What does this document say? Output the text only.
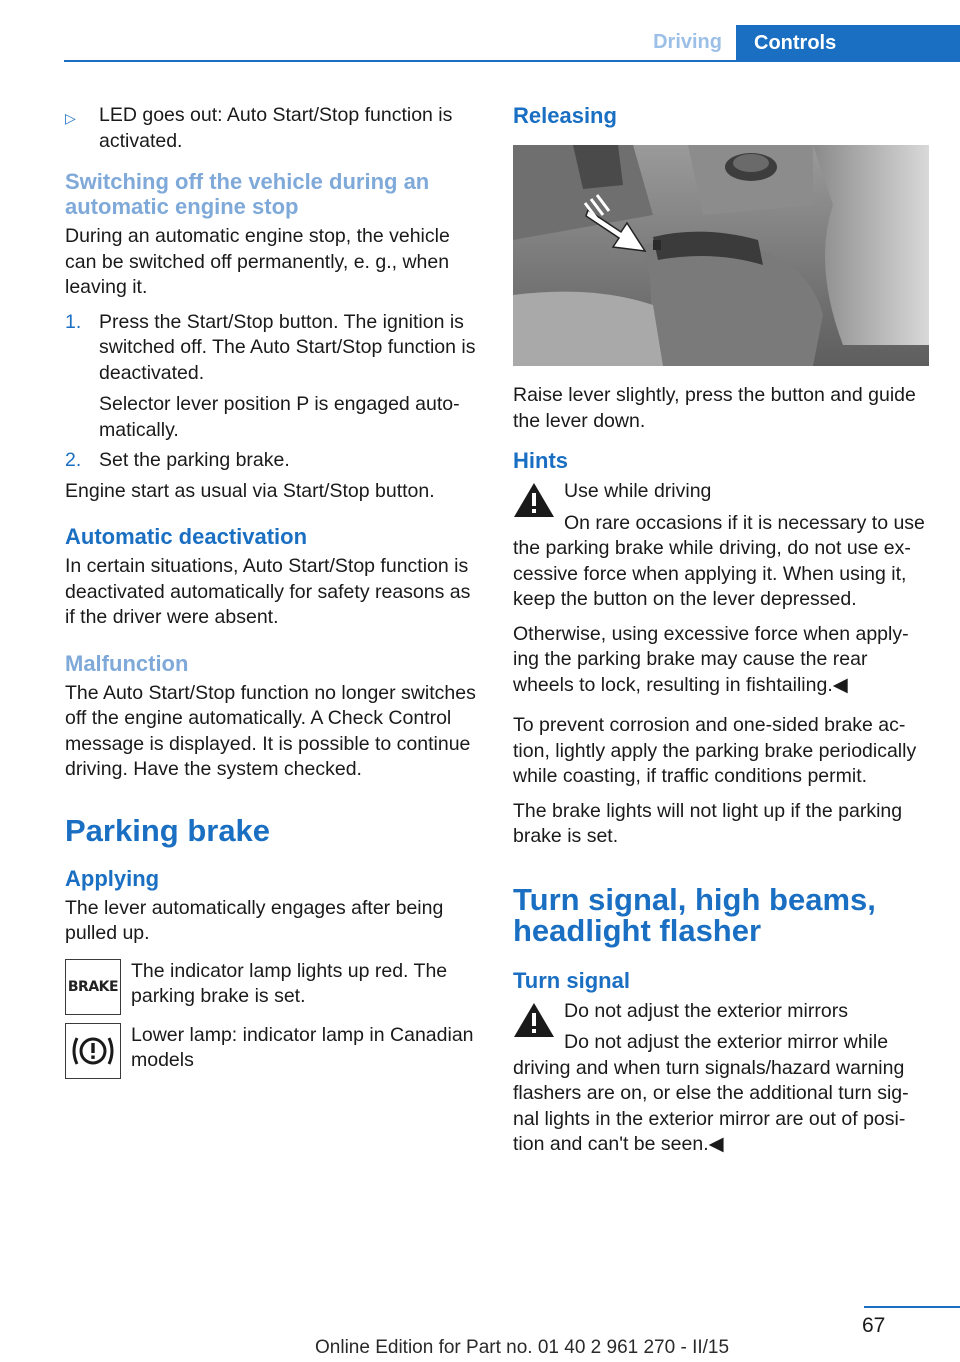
Driving	Controls
▷	LED goes out: Auto Start/Stop function is activated.
Switching off the vehicle during an automatic engine stop

During an automatic engine stop, the vehicle can be switched off permanently, e. g., when leaving it.

1. Press the Start/Stop button. The ignition is switched off. The Auto Start/Stop function is deactivated.
Selector lever position P is engaged auto‐matically.
2. Set the parking brake.

Engine start as usual via Start/Stop button.

Automatic deactivation

In certain situations, Auto Start/Stop function is deactivated automatically for safety reasons as if the driver were absent.

Malfunction

The Auto Start/Stop function no longer switches off the engine automatically. A Check Control message is displayed. It is possible to continue driving. Have the system checked.

Parking brake
Applying

The lever automatically engages after being pulled up.

BRAKE

The indicator lamp lights up red. The parking brake is set.

Lower lamp: indicator lamp in Canadian models

Releasing

Raise lever slightly, press the button and guide the lever down.

Hints
Use while driving

On rare occasions if it is necessary to use the parking brake while driving, do not use ex‐cessive force when applying it. When using it, keep the button on the lever depressed.

Otherwise, using excessive force when apply‐ing the parking brake may cause the rear wheels to lock, resulting in fishtailing.◀

To prevent corrosion and one-sided brake ac‐tion, lightly apply the parking brake periodically while coasting, if traffic conditions permit.

The brake lights will not light up if the parking brake is set.

Turn signal, high beams, headlight flasher
Turn signal
Do not adjust the exterior mirrors

Do not adjust the exterior mirror while driving and when turn signals/hazard warning flashers are on, or else the additional turn sig‐nal lights in the exterior mirror are out of posi‐tion and can't be seen.◀

67
Online Edition for Part no. 01 40 2 961 270 - II/15
